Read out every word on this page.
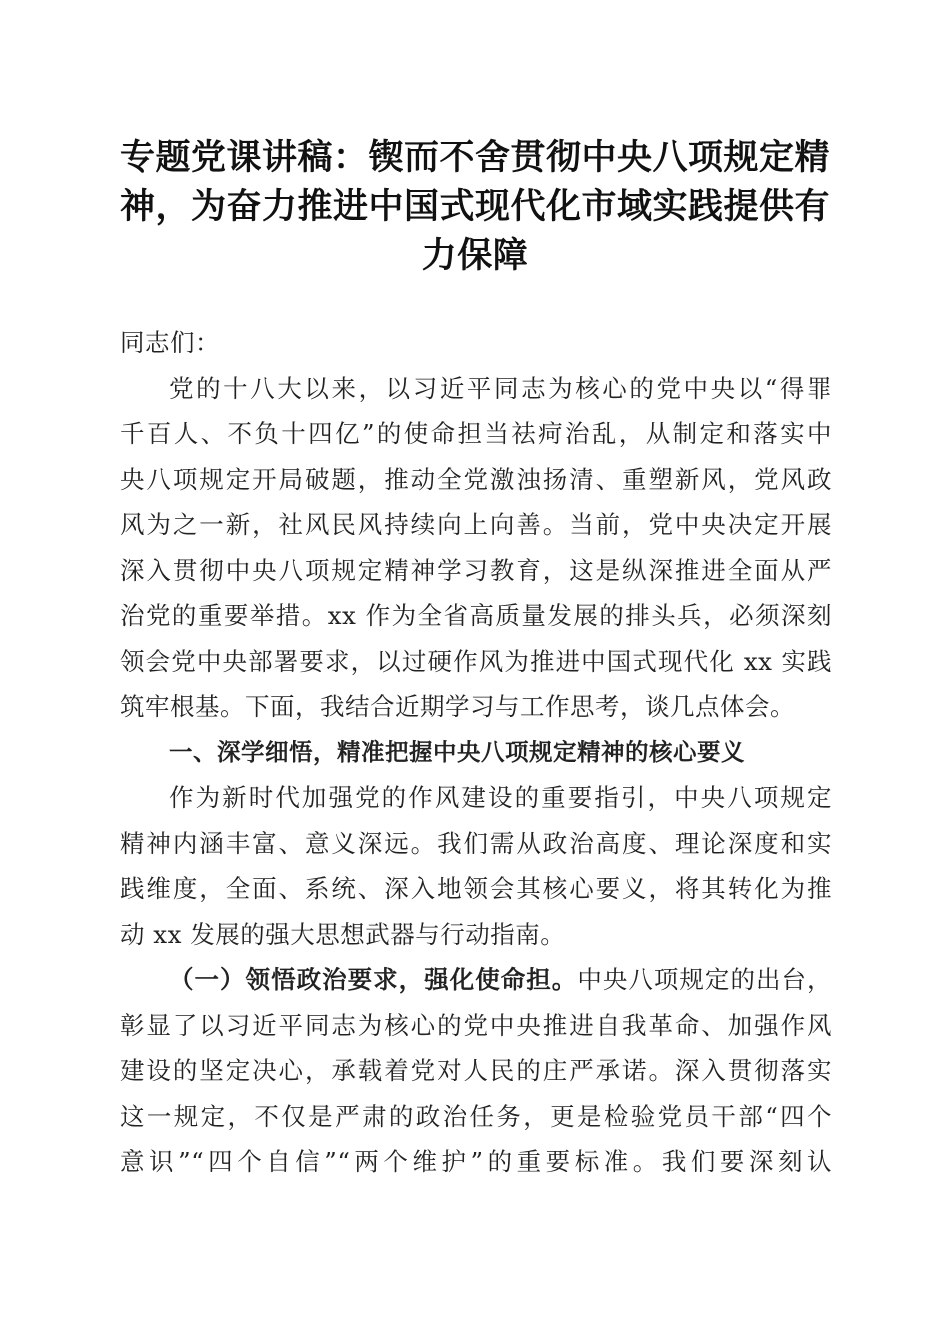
专题党课讲稿：锲而不舍贯彻中央八项规定精
神，为奋力推进中国式现代化市域实践提供有
力保障
同志们：
党的十八大以来，以习近平同志为核心的党中央以“得罪
千百人、不负十四亿”的使命担当祛疴治乱，从制定和落实中
央八项规定开局破题，推动全党激浊扬清、重塑新风，党风政
风为之一新，社风民风持续向上向善。当前，党中央决定开展
深入贯彻中央八项规定精神学习教育，这是纵深推进全面从严
治党的重要举措。xx 作为全省高质量发展的排头兵，必须深刻
领会党中央部署要求，以过硬作风为推进中国式现代化 xx 实践
筑牢根基。下面，我结合近期学习与工作思考，谈几点体会。
一、深学细悟，精准把握中央八项规定精神的核心要义
作为新时代加强党的作风建设的重要指引，中央八项规定
精神内涵丰富、意义深远。我们需从政治高度、理论深度和实
践维度，全面、系统、深入地领会其核心要义，将其转化为推
动 xx 发展的强大思想武器与行动指南。
（一）领悟政治要求，强化使命担。中央八项规定的出台，
彰显了以习近平同志为核心的党中央推进自我革命、加强作风
建设的坚定决心，承载着党对人民的庄严承诺。深入贯彻落实
这一规定，不仅是严肃的政治任务，更是检验党员干部“四个
意识”“四个自信”“两个维护”的重要标准。我们要深刻认
